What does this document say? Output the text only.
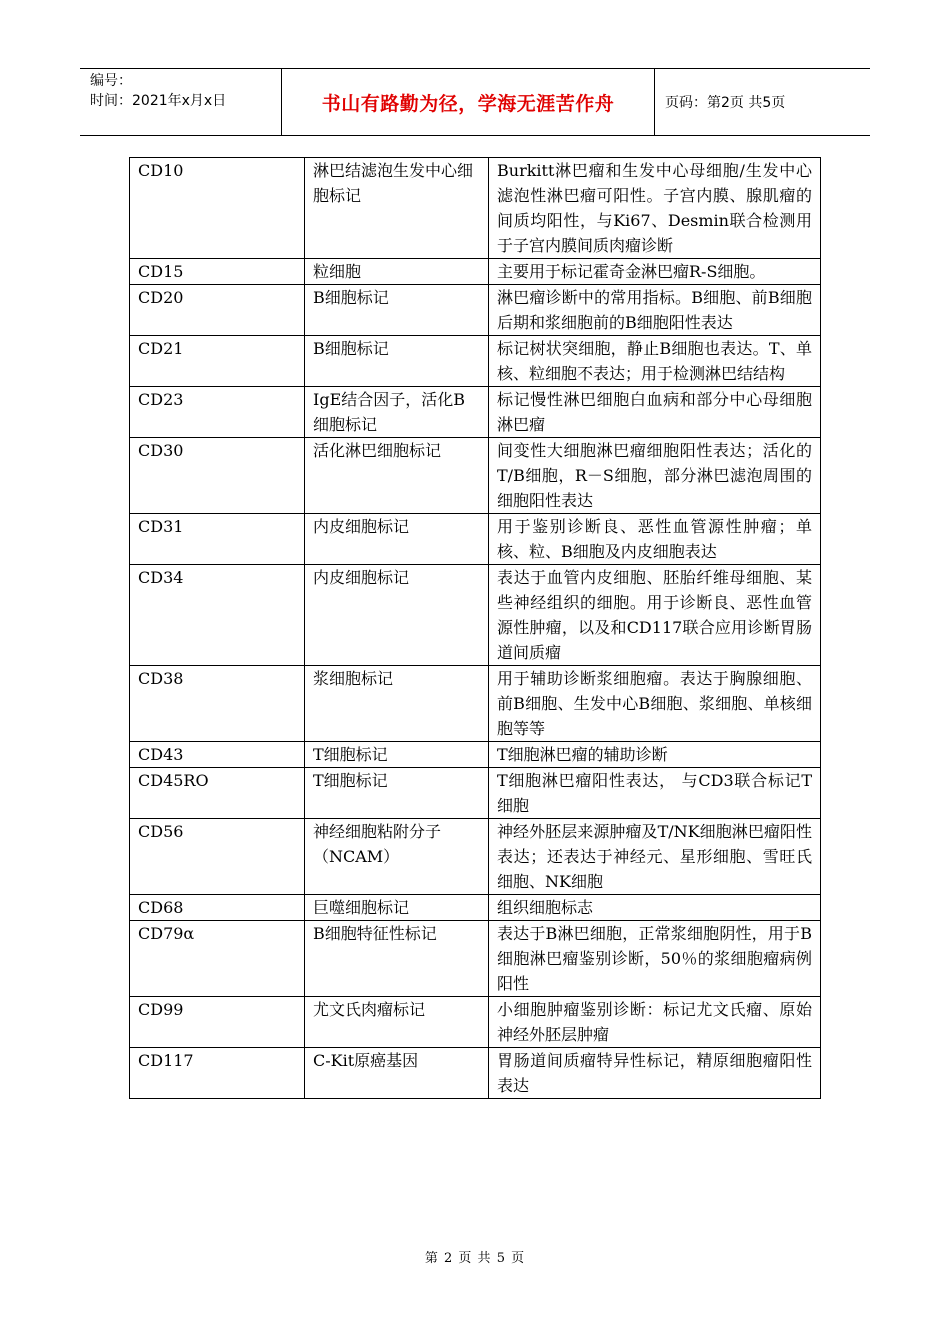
编号：
时间：2021年x月x日	书山有路勤为径，学海无涯苦作舟	页码：第2页 共5页
CD10	淋巴结滤泡生发中心细胞标记	Burkitt淋巴瘤和生发中心母细胞/生发中心滤泡性淋巴瘤可阳性。子宫内膜、腺肌瘤的间质均阳性，与Ki67、Desmin联合检测用于子宫内膜间质肉瘤诊断
CD15	粒细胞	主要用于标记霍奇金淋巴瘤R-S细胞。
CD20	B细胞标记	淋巴瘤诊断中的常用指标。B细胞、前B细胞后期和浆细胞前的B细胞阳性表达
CD21	B细胞标记	标记树状突细胞，静止B细胞也表达。T、单核、粒细胞不表达；用于检测淋巴结结构
CD23	IgE结合因子，活化B细胞标记	标记慢性淋巴细胞白血病和部分中心母细胞淋巴瘤
CD30	活化淋巴细胞标记	间变性大细胞淋巴瘤细胞阳性表达；活化的T/B细胞，R－S细胞，部分淋巴滤泡周围的细胞阳性表达
CD31	内皮细胞标记	用于鉴别诊断良、恶性血管源性肿瘤；单核、粒、B细胞及内皮细胞表达
CD34	内皮细胞标记	表达于血管内皮细胞、胚胎纤维母细胞、某些神经组织的细胞。用于诊断良、恶性血管源性肿瘤，以及和CD117联合应用诊断胃肠道间质瘤
CD38	浆细胞标记	用于辅助诊断浆细胞瘤。表达于胸腺细胞、前B细胞、生发中心B细胞、浆细胞、单核细胞等等
CD43	T细胞标记	T细胞淋巴瘤的辅助诊断
CD45RO	T细胞标记	T细胞淋巴瘤阳性表达， 与CD3联合标记T细胞
CD56	神经细胞粘附分子（NCAM）	神经外胚层来源肿瘤及T/NK细胞淋巴瘤阳性表达；还表达于神经元、星形细胞、雪旺氏细胞、NK细胞
CD68	巨噬细胞标记	组织细胞标志
CD79α	B细胞特征性标记	表达于B淋巴细胞，正常浆细胞阴性，用于B细胞淋巴瘤鉴别诊断，50％的浆细胞瘤病例阳性
CD99	尤文氏肉瘤标记	小细胞肿瘤鉴别诊断：标记尤文氏瘤、原始神经外胚层肿瘤
CD117	C-Kit原癌基因	胃肠道间质瘤特异性标记，精原细胞瘤阳性表达
第 2 页 共 5 页
